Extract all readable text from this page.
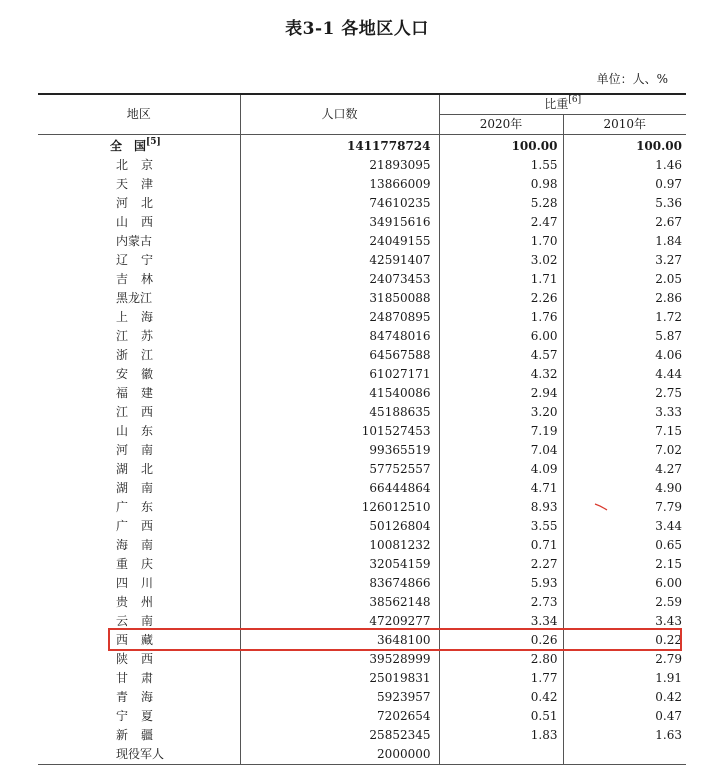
表3-1 各地区人口
单位：人、%
地区	人口数	比重[6]
		2020年	2010年
全　国[5]	1411778724	100.00	100.00
北京	21893095	1.55	1.46
天津	13866009	0.98	0.97
河北	74610235	5.28	5.36
山西	34915616	2.47	2.67
内蒙古	24049155	1.70	1.84
辽宁	42591407	3.02	3.27
吉林	24073453	1.71	2.05
黑龙江	31850088	2.26	2.86
上海	24870895	1.76	1.72
江苏	84748016	6.00	5.87
浙江	64567588	4.57	4.06
安徽	61027171	4.32	4.44
福建	41540086	2.94	2.75
江西	45188635	3.20	3.33
山东	101527453	7.19	7.15
河南	99365519	7.04	7.02
湖北	57752557	4.09	4.27
湖南	66444864	4.71	4.90
广东	126012510	8.93	7.79
广西	50126804	3.55	3.44
海南	10081232	0.71	0.65
重庆	32054159	2.27	2.15
四川	83674866	5.93	6.00
贵州	38562148	2.73	2.59
云南	47209277	3.34	3.43
西藏	3648100	0.26	0.22
陕西	39528999	2.80	2.79
甘肃	25019831	1.77	1.91
青海	5923957	0.42	0.42
宁夏	7202654	0.51	0.47
新疆	25852345	1.83	1.63
现役军人	2000000		
